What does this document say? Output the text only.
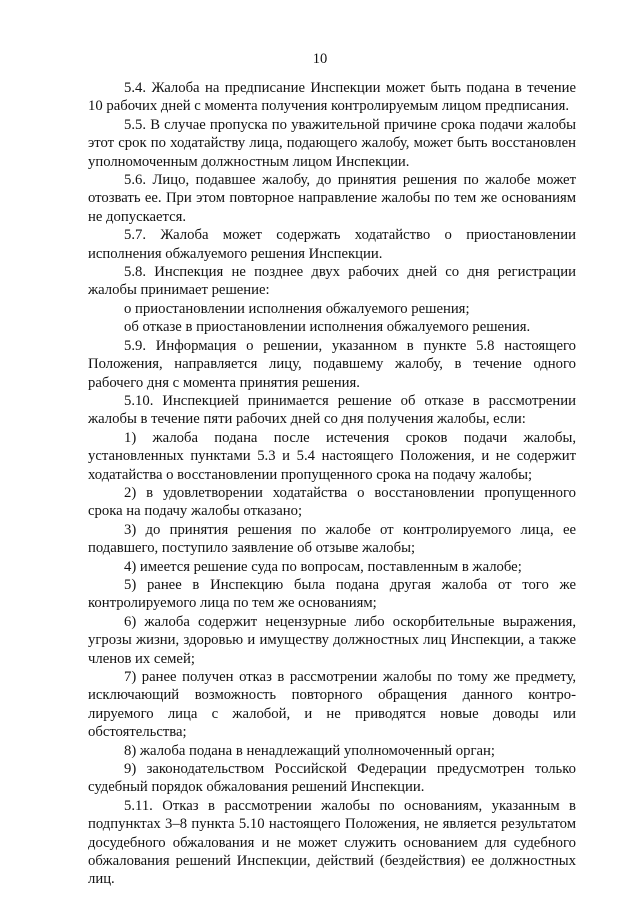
10

5.4. Жалоба на предписание Инспекции может быть подана в течение 10 рабочих дней с момента получения контролируемым лицом предписания.

5.5. В случае пропуска по уважительной причине срока подачи жалобы этот срок по ходатайству лица, подающего жалобу, может быть восстановлен уполномоченным должностным лицом Инспекции.

5.6. Лицо, подавшее жалобу, до принятия решения по жалобе может отозвать ее. При этом повторное направление жалобы по тем же основаниям не допускается.

5.7. Жалоба может содержать ходатайство о приостановлении исполнения обжалуемого решения Инспекции.

5.8. Инспекция не позднее двух рабочих дней со дня регистрации жалобы принимает решение:

о приостановлении исполнения обжалуемого решения;

об отказе в приостановлении исполнения обжалуемого решения.

5.9. Информация о решении, указанном в пункте 5.8 настоящего Положения, направляется лицу, подавшему жалобу, в течение одного рабочего дня с момента принятия решения.

5.10. Инспекцией принимается решение об отказе в рассмотрении жалобы в течение пяти рабочих дней со дня получения жалобы, если:

1) жалоба подана после истечения сроков подачи жалобы, установленных пунктами 5.3 и 5.4 настоящего Положения, и не содержит ходатайства о восстановлении пропущенного срока на подачу жалобы;

2) в удовлетворении ходатайства о восстановлении пропущенного срока на подачу жалобы отказано;

3) до принятия решения по жалобе от контролируемого лица, ее подавшего, поступило заявление об отзыве жалобы;

4) имеется решение суда по вопросам, поставленным в жалобе;

5) ранее в Инспекцию была подана другая жалоба от того же контролируемого лица по тем же основаниям;

6) жалоба содержит нецензурные либо оскорбительные выражения, угрозы жизни, здоровью и имуществу должностных лиц Инспекции, а также членов их семей;

7) ранее получен отказ в рассмотрении жалобы по тому же предмету, исключающий возможность повторного обращения данного контролируемого лица с жалобой, и не приводятся новые доводы или обстоятельства;

8) жалоба подана в ненадлежащий уполномоченный орган;

9) законодательством Российской Федерации предусмотрен только судебный порядок обжалования решений Инспекции.

5.11. Отказ в рассмотрении жалобы по основаниям, указанным в подпунктах 3–8 пункта 5.10 настоящего Положения, не является результатом досудебного обжалования и не может служить основанием для судебного обжалования решений Инспекции, действий (бездействия) ее должностных лиц.
